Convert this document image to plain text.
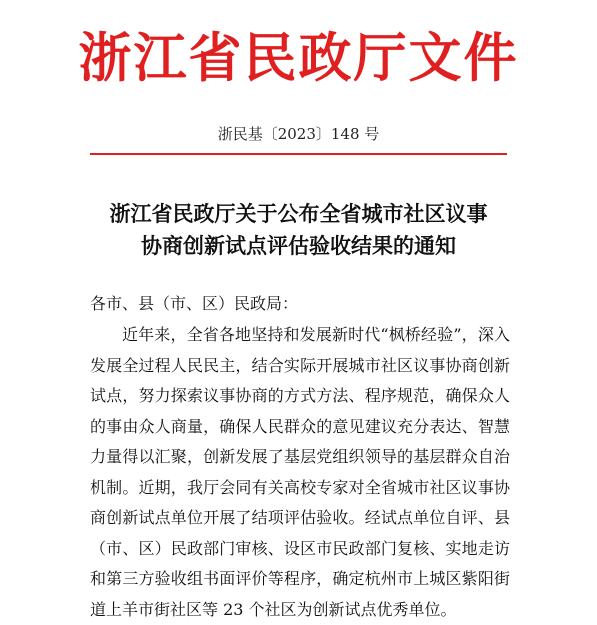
浙江省民政厅文件
浙民基〔2023〕148 号
浙江省民政厅关于公布全省城市社区议事
协商创新试点评估验收结果的通知
各市、县（市、区）民政局：
近年来，全省各地坚持和发展新时代“枫桥经验”，深入
发展全过程人民民主，结合实际开展城市社区议事协商创新
试点，努力探索议事协商的方式方法、程序规范，确保众人
的事由众人商量，确保人民群众的意见建议充分表达、智慧
力量得以汇聚，创新发展了基层党组织领导的基层群众自治
机制。近期，我厅会同有关高校专家对全省城市社区议事协
商创新试点单位开展了结项评估验收。经试点单位自评、县
（市、区）民政部门审核、设区市民政部门复核、实地走访
和第三方验收组书面评价等程序，确定杭州市上城区紫阳街
道上羊市街社区等 23 个社区为创新试点优秀单位。
